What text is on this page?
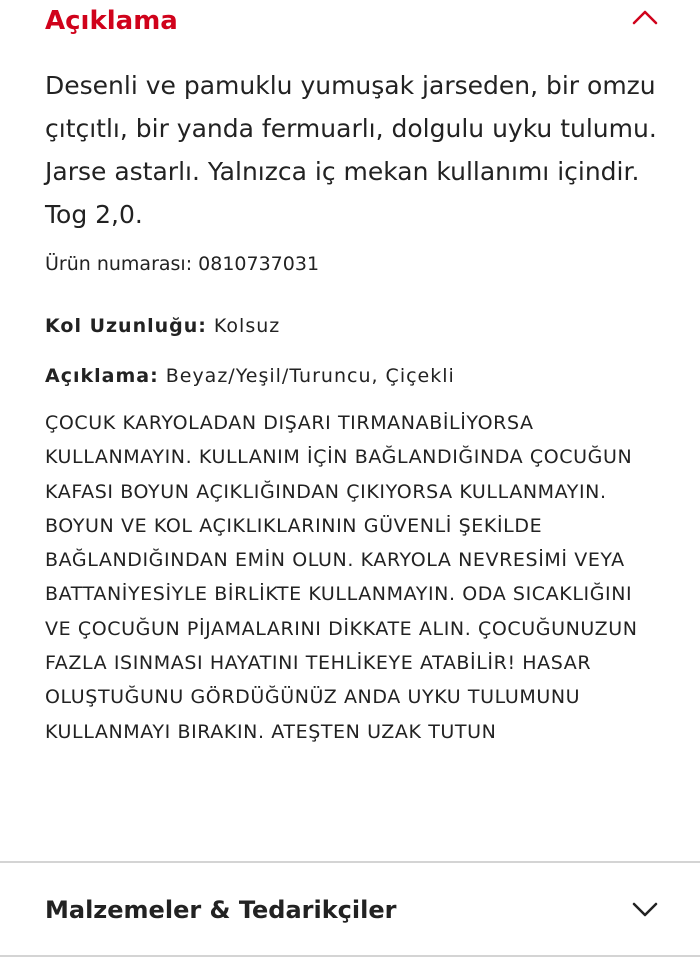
Açıklama
Desenli ve pamuklu yumuşak jarseden, bir omzu çıtçıtlı, bir yanda fermuarlı, dolgulu uyku tulumu. Jarse astarlı. Yalnızca iç mekan kullanımı içindir. Tog 2,0.
Ürün numarası: 0810737031
Kol Uzunluğu: Kolsuz
Açıklama: Beyaz/Yeşil/Turuncu, Çiçekli
ÇOCUK KARYOLADAN DIŞARI TIRMANABİLİYORSA KULLANMAYIN. KULLANIM İÇİN BAĞLANDIĞINDA ÇOCUĞUN KAFASI BOYUN AÇIKLIĞINDAN ÇIKIYORSA KULLANMAYIN. BOYUN VE KOL AÇIKLIKLARININ GÜVENLİ ŞEKİLDE BAĞLANDIĞINDAN EMİN OLUN. KARYOLA NEVRESİMİ VEYA BATTANİYESİYLE BİRLİKTE KULLANMAYIN. ODA SICAKLIĞINI VE ÇOCUĞUN PİJAMALARINI DİKKATE ALIN. ÇOCUĞUNUZUN FAZLA ISINMASI HAYATINI TEHLİKEYE ATABİLİR! HASAR OLUŞTUĞUNU GÖRDÜĞÜNÜZ ANDA UYKU TULUMUNU KULLANMAYI BIRAKIN. ATEŞTEN UZAK TUTUN
Malzemeler & Tedarikçiler
